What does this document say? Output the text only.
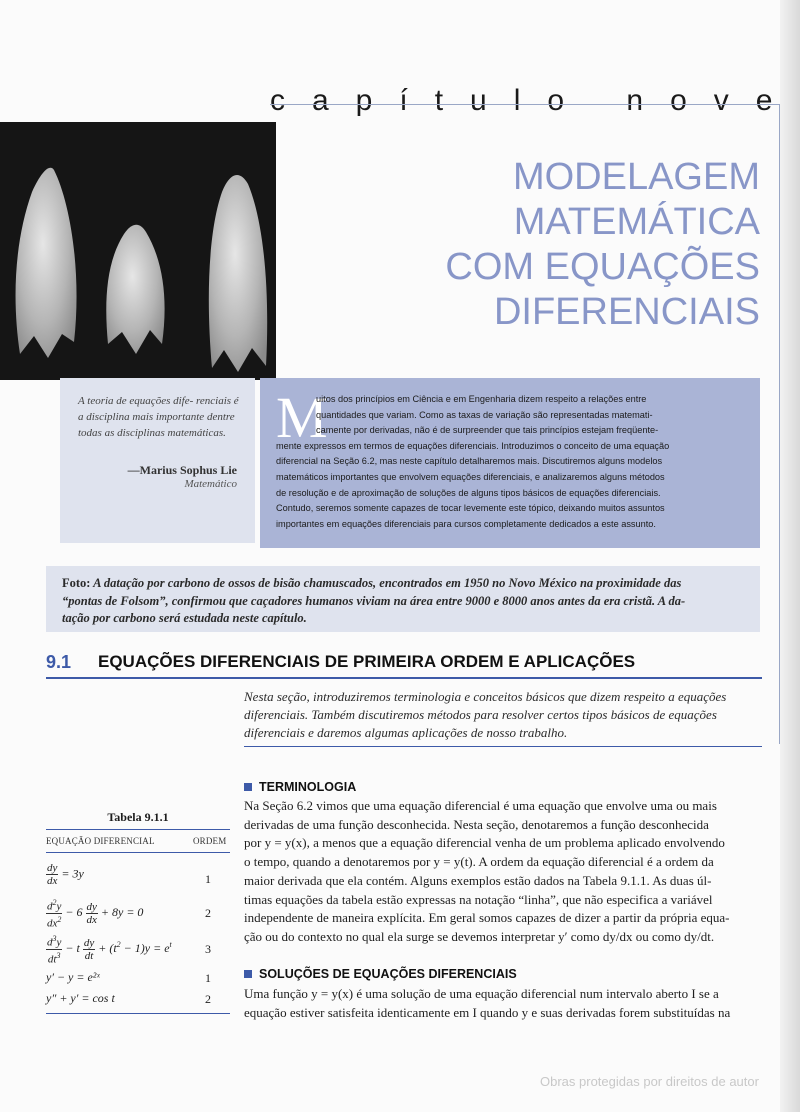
capítulo nove
MODELAGEM
MATEMÁTICA
COM EQUAÇÕES
DIFERENCIAIS
A teoria de equações dife- renciais é a disciplina mais importante dentre todas as disciplinas matemáticas.
—Marius Sophus Lie
Matemático
M
uitos dos princípios em Ciência e em Engenharia dizem respeito a relações entre
quantidades que variam. Como as taxas de variação são representadas matemati-
camente por derivadas, não é de surpreender que tais princípios estejam freqüente-
mente expressos em termos de equações diferenciais. Introduzimos o conceito de uma equação
diferencial na Seção 6.2, mas neste capítulo detalharemos mais. Discutiremos alguns modelos
matemáticos importantes que envolvem equações diferenciais, e analizaremos alguns métodos
de resolução e de aproximação de soluções de alguns tipos básicos de equações diferenciais.
Contudo, seremos somente capazes de tocar levemente este tópico, deixando muitos assuntos
importantes em equações diferenciais para cursos completamente dedicados a este assunto.
Foto: A datação por carbono de ossos de bisão chamuscados, encontrados em 1950 no Novo México na proximidade das
“pontas de Folsom”, confirmou que caçadores humanos viviam na área entre 9000 e 8000 anos antes da era cristã. A da-
tação por carbono será estudada neste capítulo.
9.1 EQUAÇÕES DIFERENCIAIS DE PRIMEIRA ORDEM E APLICAÇÕES
Nesta seção, introduziremos terminologia e conceitos básicos que dizem respeito a equações
diferenciais. Também discutiremos métodos para resolver certos tipos básicos de equações
diferenciais e daremos algumas aplicações de nosso trabalho.
TERMINOLOGIA
Na Seção 6.2 vimos que uma equação diferencial é uma equação que envolve uma ou mais
derivadas de uma função desconhecida. Nesta seção, denotaremos a função desconhecida
por y = y(x), a menos que a equação diferencial venha de um problema aplicado envolvendo
o tempo, quando a denotaremos por y = y(t). A ordem da equação diferencial é a ordem da
maior derivada que ela contém. Alguns exemplos estão dados na Tabela 9.1.1. As duas úl-
timas equações da tabela estão expressas na notação “linha”, que não especifica a variável
independente de maneira explícita. Em geral somos capazes de dizer a partir da própria equa-
ção ou do contexto no qual ela surge se devemos interpretar y′ como dy/dx ou como dy/dt.
SOLUÇÕES DE EQUAÇÕES DIFERENCIAIS
Uma função y = y(x) é uma solução de uma equação diferencial num intervalo aberto I se a
equação estiver satisfeita identicamente em I quando y e suas derivadas forem substituídas na
Tabela 9.1.1
EQUAÇÃO DIFERENCIAL	ORDEM
$\frac{dy}{dx} = 3y$	1
$\frac{d^2y}{dx^2} - 6 \frac{dy}{dx} + 8y = 0$	2
$\frac{d^3y}{dt^3} - t \frac{dy}{dt} + (t^2 - 1)y = e^t$	3
y′ − y = e²ˣ	1
y″ + y′ = cos t	2
Obras protegidas por direitos de autor
